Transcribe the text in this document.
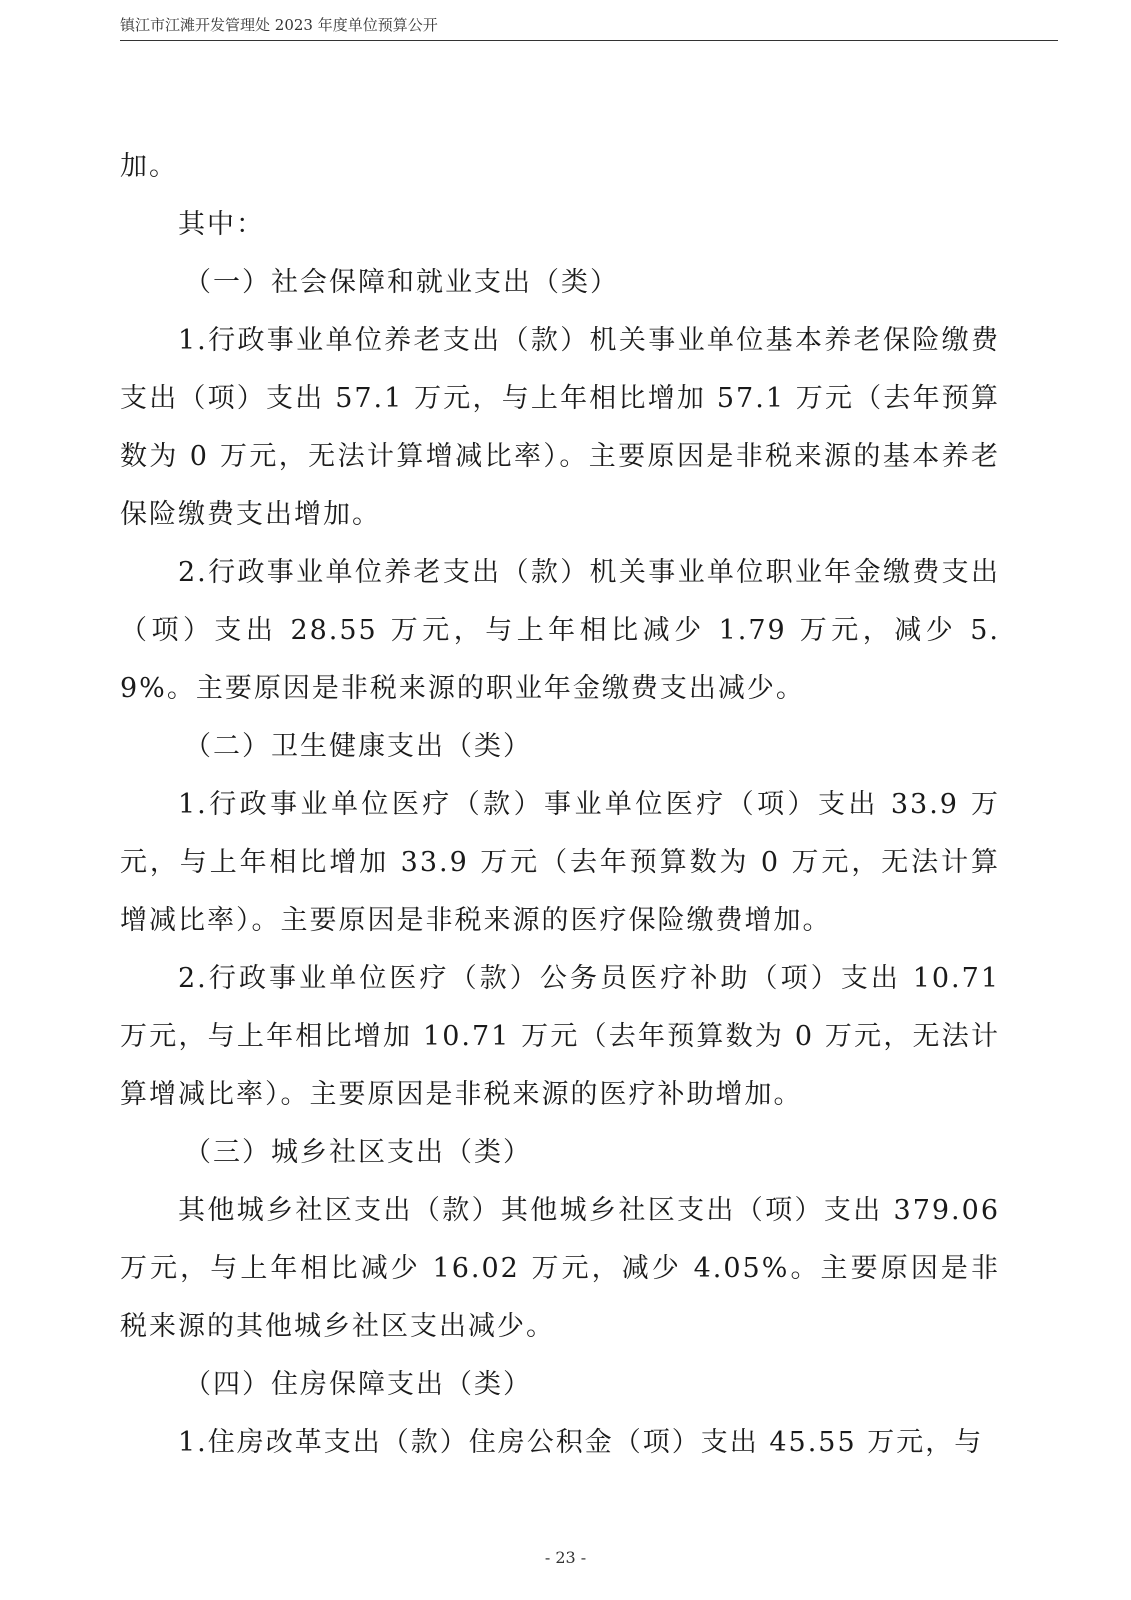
镇江市江滩开发管理处 2023 年度单位预算公开

加。

其中：

（一）社会保障和就业支出（类）

1.行政事业单位养老支出（款）机关事业单位基本养老保险缴费支出（项）支出 57.1 万元，与上年相比增加 57.1 万元（去年预算数为 0 万元，无法计算增减比率）。主要原因是非税来源的基本养老保险缴费支出增加。

2.行政事业单位养老支出（款）机关事业单位职业年金缴费支出（项）支出 28.55 万元，与上年相比减少 1.79 万元，减少 5.9%。主要原因是非税来源的职业年金缴费支出减少。

（二）卫生健康支出（类）

1.行政事业单位医疗（款）事业单位医疗（项）支出 33.9 万元，与上年相比增加 33.9 万元（去年预算数为 0 万元，无法计算增减比率）。主要原因是非税来源的医疗保险缴费增加。

2.行政事业单位医疗（款）公务员医疗补助（项）支出 10.71 万元，与上年相比增加 10.71 万元（去年预算数为 0 万元，无法计算增减比率）。主要原因是非税来源的医疗补助增加。

（三）城乡社区支出（类）

其他城乡社区支出（款）其他城乡社区支出（项）支出 379.06 万元，与上年相比减少 16.02 万元，减少 4.05%。主要原因是非税来源的其他城乡社区支出减少。

（四）住房保障支出（类）

1.住房改革支出（款）住房公积金（项）支出 45.55 万元，与

- 23 -
